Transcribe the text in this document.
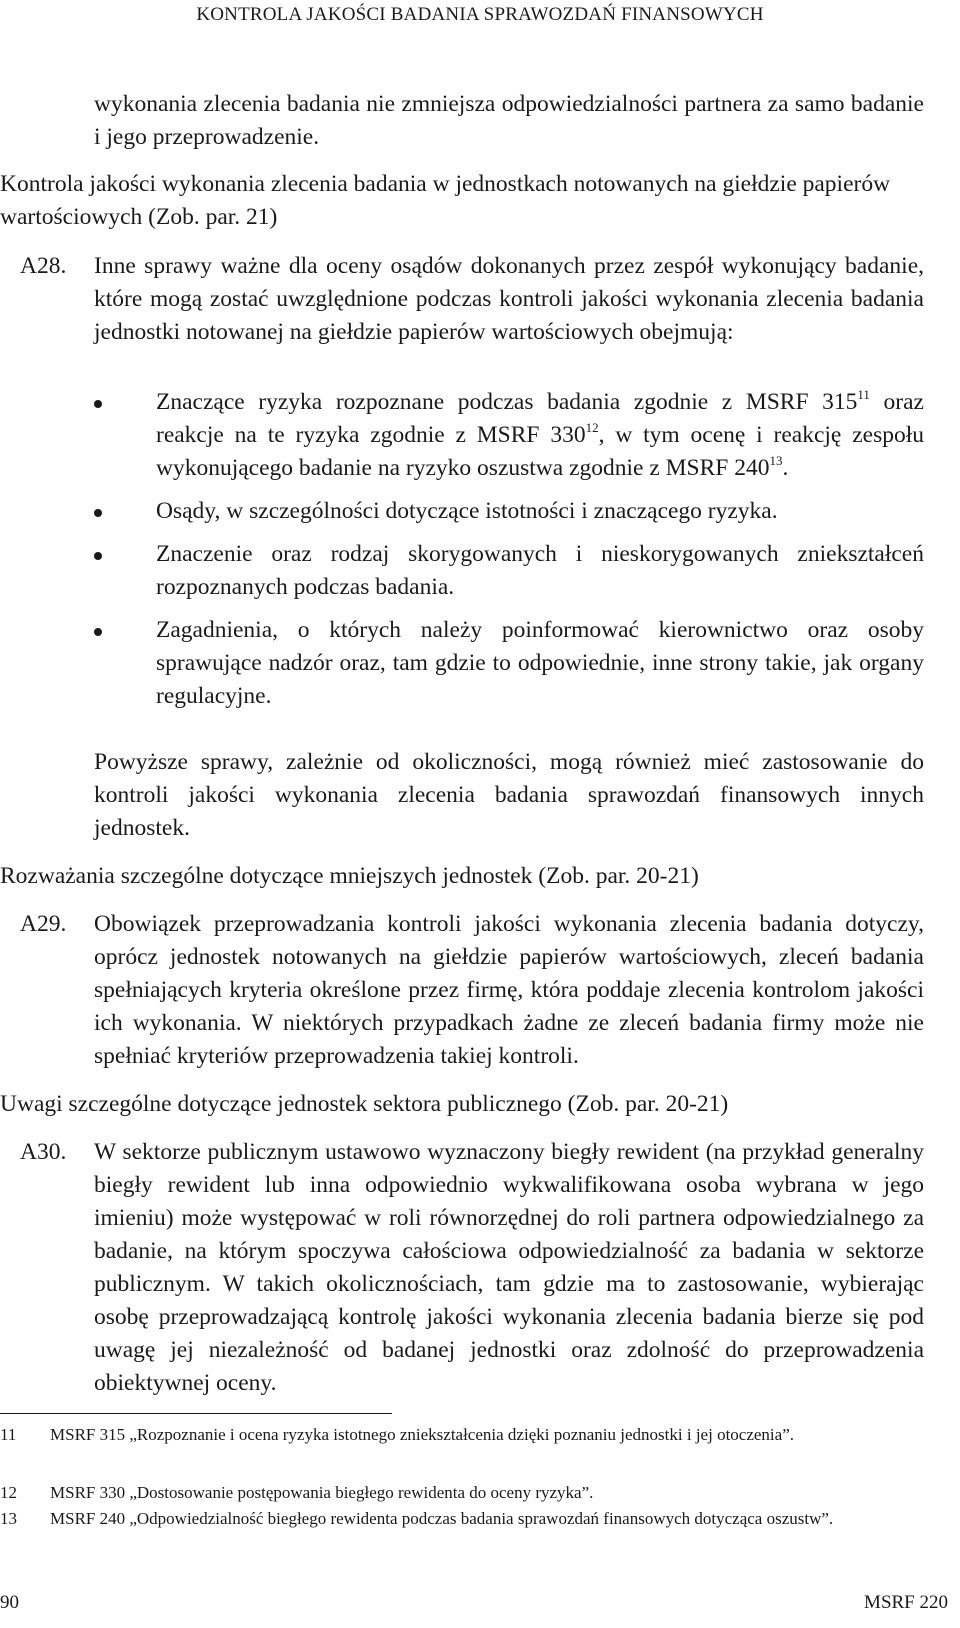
KONTROLA JAKOŚCI BADANIA SPRAWOZDAŃ FINANSOWYCH
wykonania zlecenia badania nie zmniejsza odpowiedzialności partnera za samo badanie i jego przeprowadzenie.
Kontrola jakości wykonania zlecenia badania w jednostkach notowanych na giełdzie papierów wartościowych (Zob. par. 21)
A28. Inne sprawy ważne dla oceny osądów dokonanych przez zespół wykonujący badanie, które mogą zostać uwzględnione podczas kontroli jakości wykonania zlecenia badania jednostki notowanej na giełdzie papierów wartościowych obejmują:
Znaczące ryzyka rozpoznane podczas badania zgodnie z MSRF $315^{11}$ oraz reakcje na te ryzyka zgodnie z MSRF $330^{12}$, w tym ocenę i reakcję zespołu wykonującego badanie na ryzyko oszustwa zgodnie z MSRF $240^{13}$.
Osądy, w szczególności dotyczące istotności i znaczącego ryzyka.
Znaczenie oraz rodzaj skorygowanych i nieskorygowanych zniekształceń rozpoznanych podczas badania.
Zagadnienia, o których należy poinformować kierownictwo oraz osoby sprawujące nadzór oraz, tam gdzie to odpowiednie, inne strony takie, jak organy regulacyjne.
Powyższe sprawy, zależnie od okoliczności, mogą również mieć zastosowanie do kontroli jakości wykonania zlecenia badania sprawozdań finansowych innych jednostek.
Rozważania szczególne dotyczące mniejszych jednostek (Zob. par. 20-21)
A29. Obowiązek przeprowadzania kontroli jakości wykonania zlecenia badania dotyczy, oprócz jednostek notowanych na giełdzie papierów wartościowych, zleceń badania spełniających kryteria określone przez firmę, która poddaje zlecenia kontrolom jakości ich wykonania. W niektórych przypadkach żadne ze zleceń badania firmy może nie spełniać kryteriów przeprowadzenia takiej kontroli.
Uwagi szczególne dotyczące jednostek sektora publicznego (Zob. par. 20-21)
A30. W sektorze publicznym ustawowo wyznaczony biegły rewident (na przykład generalny biegły rewident lub inna odpowiednio wykwalifikowana osoba wybrana w jego imieniu) może występować w roli równorzędnej do roli partnera odpowiedzialnego za badanie, na którym spoczywa całościowa odpowiedzialność za badania w sektorze publicznym. W takich okolicznościach, tam gdzie ma to zastosowanie, wybierając osobę przeprowadzającą kontrolę jakości wykonania zlecenia badania bierze się pod uwagę jej niezależność od badanej jednostki oraz zdolność do przeprowadzenia obiektywnej oceny.
11 MSRF 315 „Rozpoznanie i ocena ryzyka istotnego zniekształcenia dzięki poznaniu jednostki i jej otoczenia”.
12 MSRF 330 „Dostosowanie postępowania biegłego rewidenta do oceny ryzyka”.
13 MSRF 240 „Odpowiedzialność biegłego rewidenta podczas badania sprawozdań finansowych dotycząca oszustw”.
90	MSRF 220
